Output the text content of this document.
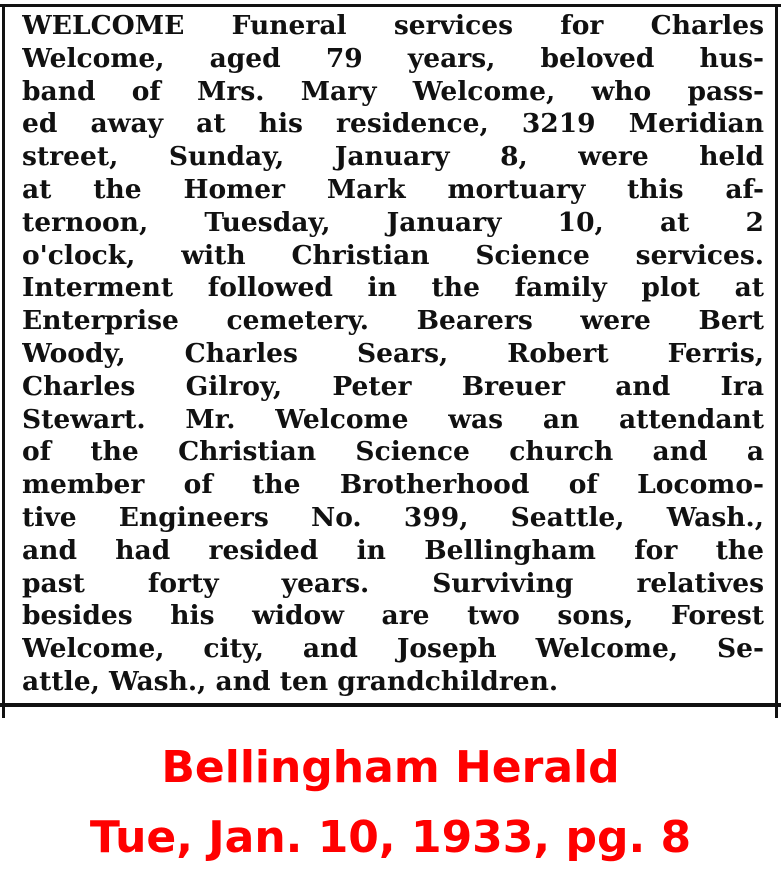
WELCOME Funeral services for Charles
Welcome, aged 79 years, beloved hus-
band of Mrs. Mary Welcome, who pass-
ed away at his residence, 3219 Meridian
street, Sunday, January 8, were held
at the Homer Mark mortuary this af-
ternoon, Tuesday, January 10, at 2
o'clock, with Christian Science services.
Interment followed in the family plot at
Enterprise cemetery. Bearers were Bert
Woody, Charles Sears, Robert Ferris,
Charles Gilroy, Peter Breuer and Ira
Stewart. Mr. Welcome was an attendant
of the Christian Science church and a
member of the Brotherhood of Locomo-
tive Engineers No. 399, Seattle, Wash.,
and had resided in Bellingham for the
past forty years. Surviving relatives
besides his widow are two sons, Forest
Welcome, city, and Joseph Welcome, Se-
attle, Wash., and ten grandchildren.

Bellingham Herald

Tue, Jan. 10, 1933, pg. 8
